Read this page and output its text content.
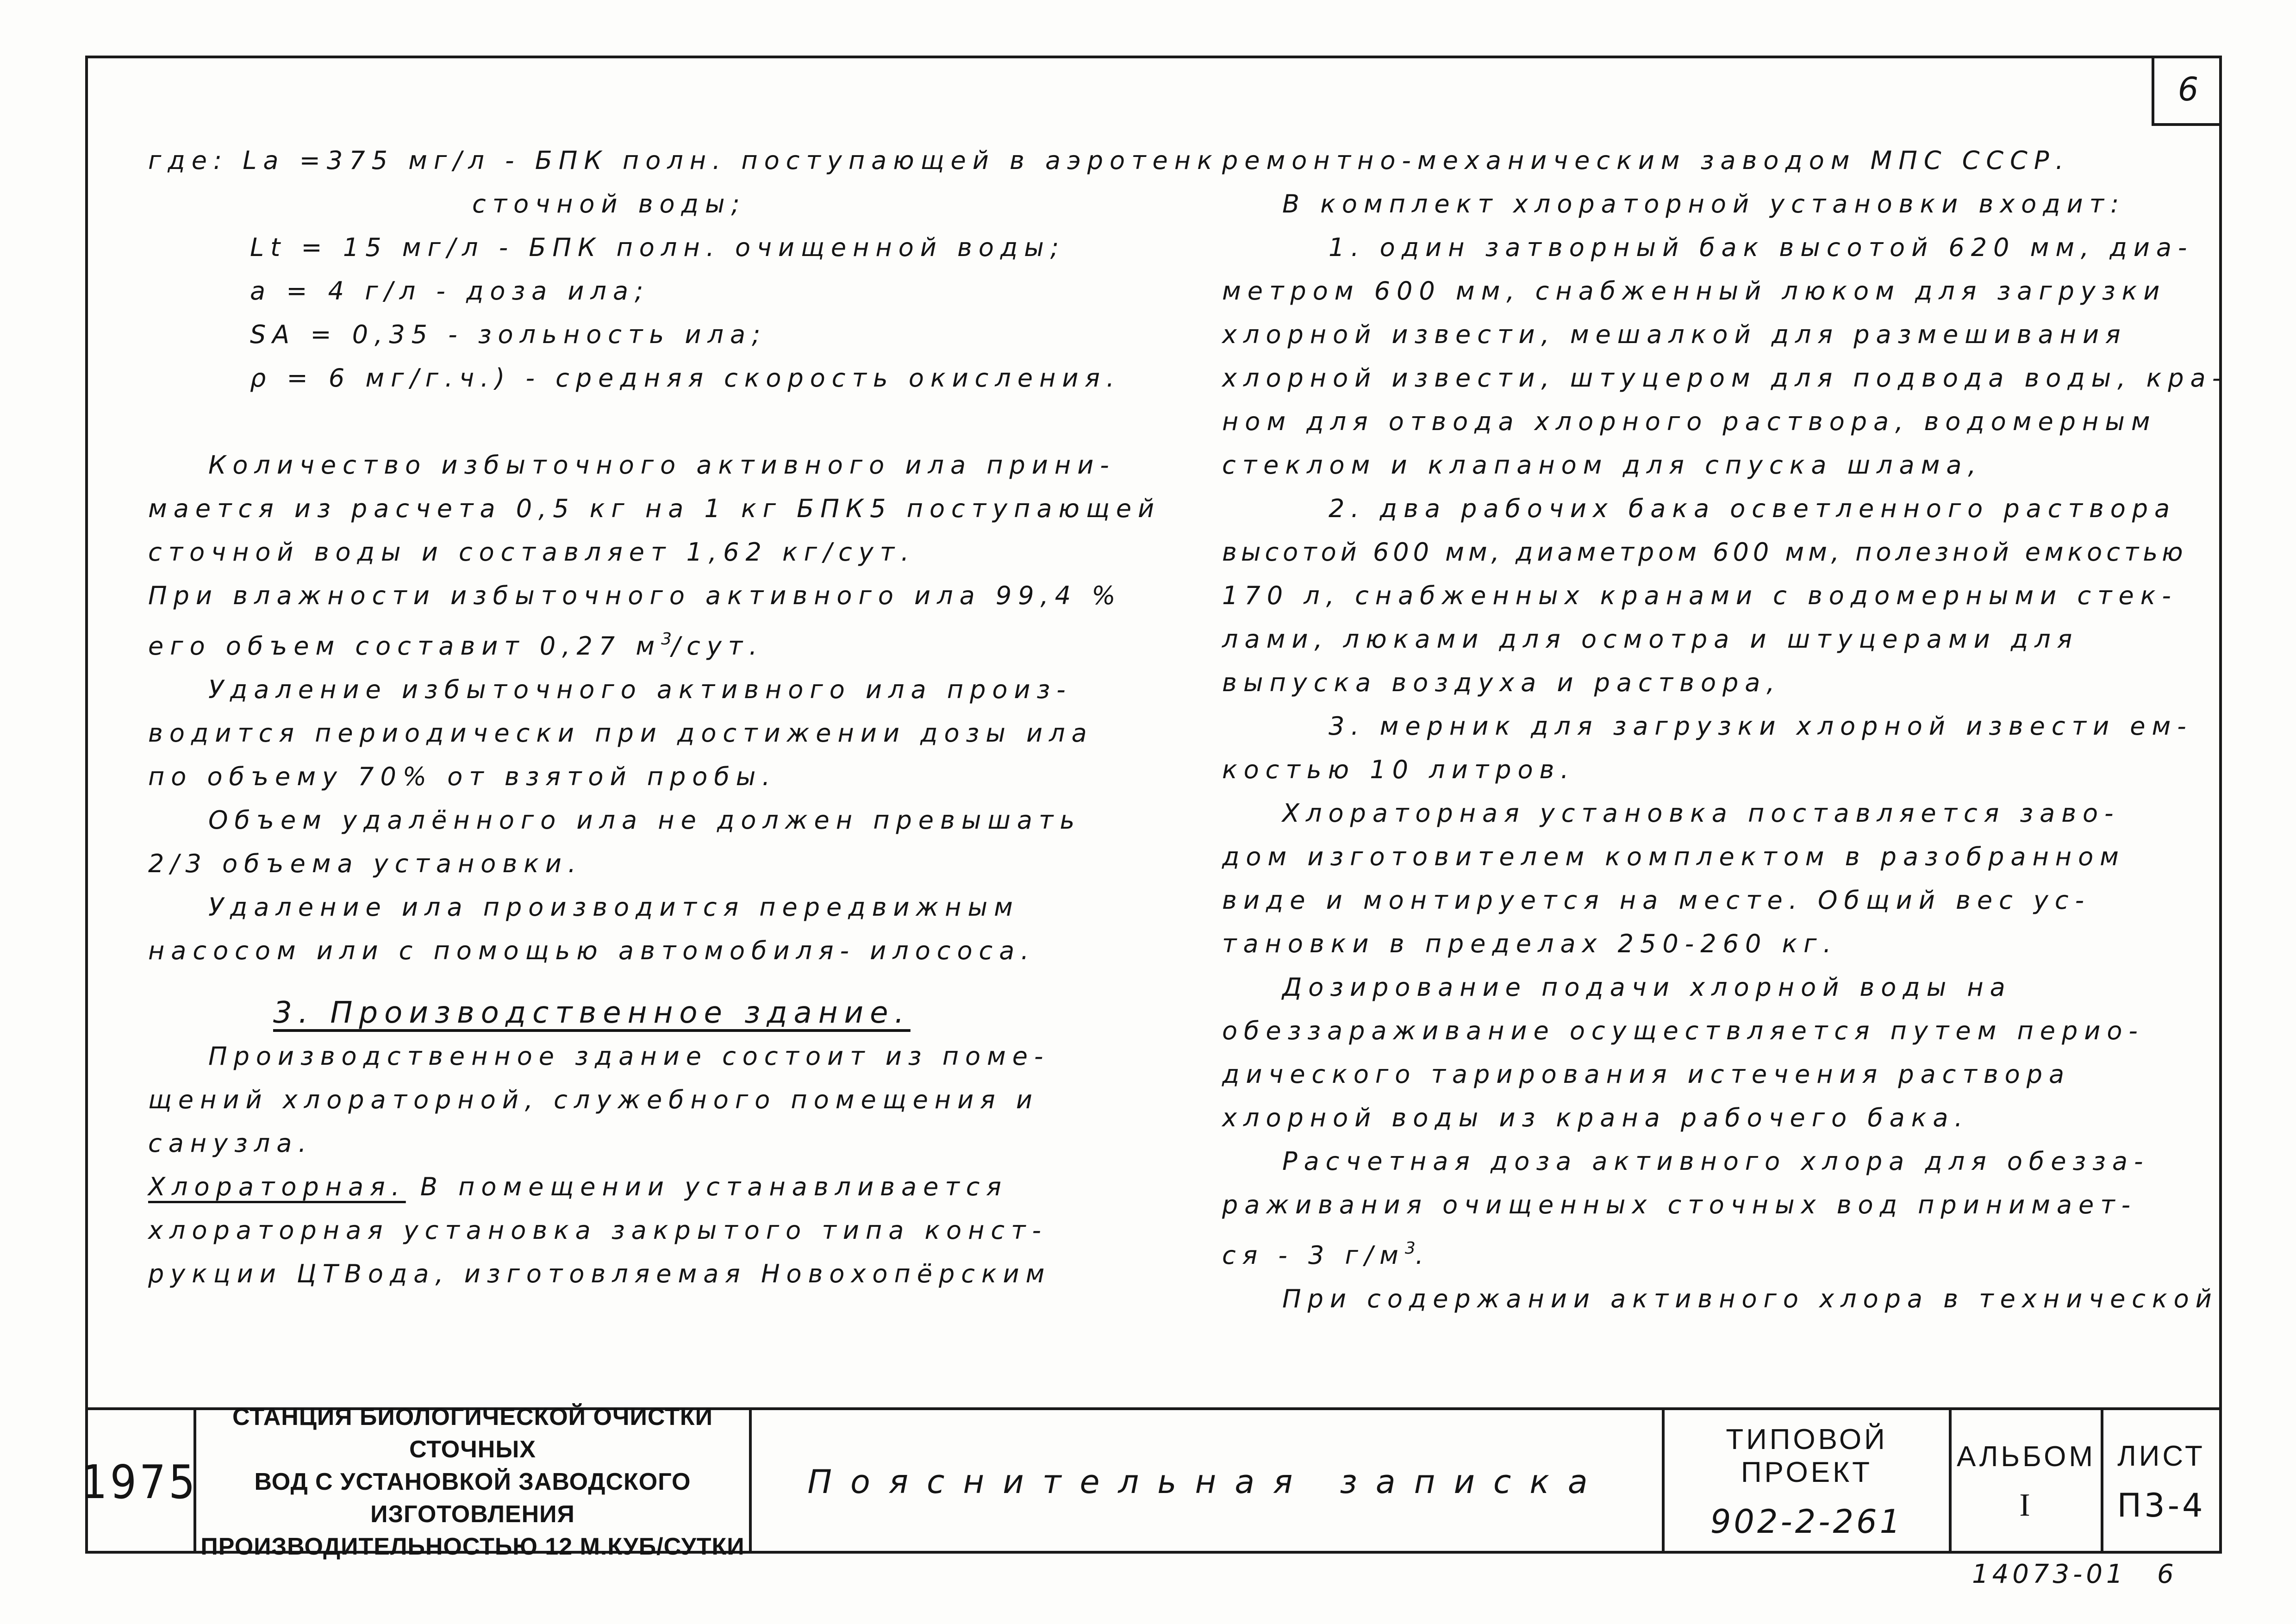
6

где: Lа =375 мг/л - БПК полн. поступающей в аэротенк

сточной воды;

Lt = 15 мг/л - БПК полн. очищенной воды;

а = 4 г/л - доза ила;

SА = 0,35 - зольность ила;

ρ = 6 мг/г.ч.) - средняя скорость окисления.

Количество избыточного активного ила прини-

мается из расчета 0,5 кг на 1 кг БПК5 поступающей

сточной воды и составляет 1,62 кг/сут.

При влажности избыточного активного ила 99,4 %

его объем составит 0,27 $м^3$/сут.

Удаление избыточного активного ила произ-

водится периодически при достижении дозы ила

по объему 70% от взятой пробы.

Объем удалённого ила не должен превышать

2/3 объема установки.

Удаление ила производится передвижным

насосом или с помощью автомобиля- илососа.

3. Производственное здание.

Производственное здание состоит из поме-

щений хлораторной, служебного помещения и

санузла.

Хлораторная. В помещении устанавливается

хлораторная установка закрытого типа конст-

рукции ЦТВода, изготовляемая Новохопёрским

ремонтно-механическим заводом МПС СССР.

В комплект хлораторной установки входит:

1. один затворный бак высотой 620 мм, диа-

метром 600 мм, снабженный люком для загрузки

хлорной извести, мешалкой для размешивания

хлорной извести, штуцером для подвода воды, кра-

ном для отвода хлорного раствора, водомерным

стеклом и клапаном для спуска шлама,

2. два рабочих бака осветленного раствора

высотой 600 мм, диаметром 600 мм, полезной емкостью

170 л, снабженных кранами с водомерными стек-

лами, люками для осмотра и штуцерами для

выпуска воздуха и раствора,

3. мерник для загрузки хлорной извести ем-

костью 10 литров.

Хлораторная установка поставляется заво-

дом изготовителем комплектом в разобранном

виде и монтируется на месте. Общий вес ус-

тановки в пределах 250-260 кг.

Дозирование подачи хлорной воды на

обеззараживание осуществляется путем перио-

дического тарирования истечения раствора

хлорной воды из крана рабочего бака.

Расчетная доза активного хлора для обезза-

раживания очищенных сточных вод принимает-

ся - 3 $г/м^3$.

При содержании активного хлора в технической

1975
СТАНЦИЯ БИОЛОГИЧЕСКОЙ ОЧИСТКИ СТОЧНЫХ
ВОД С УСТАНОВКОЙ ЗАВОДСКОГО ИЗГОТОВЛЕНИЯ
ПРОИЗВОДИТЕЛЬНОСТЬЮ 12 М.КУБ/СУТКИ
Пояснительная записка
ТИПОВОЙ ПРОЕКТ
902-2-261
АЛЬБОМ
I
ЛИСТ
П3-4
14073-01 6
